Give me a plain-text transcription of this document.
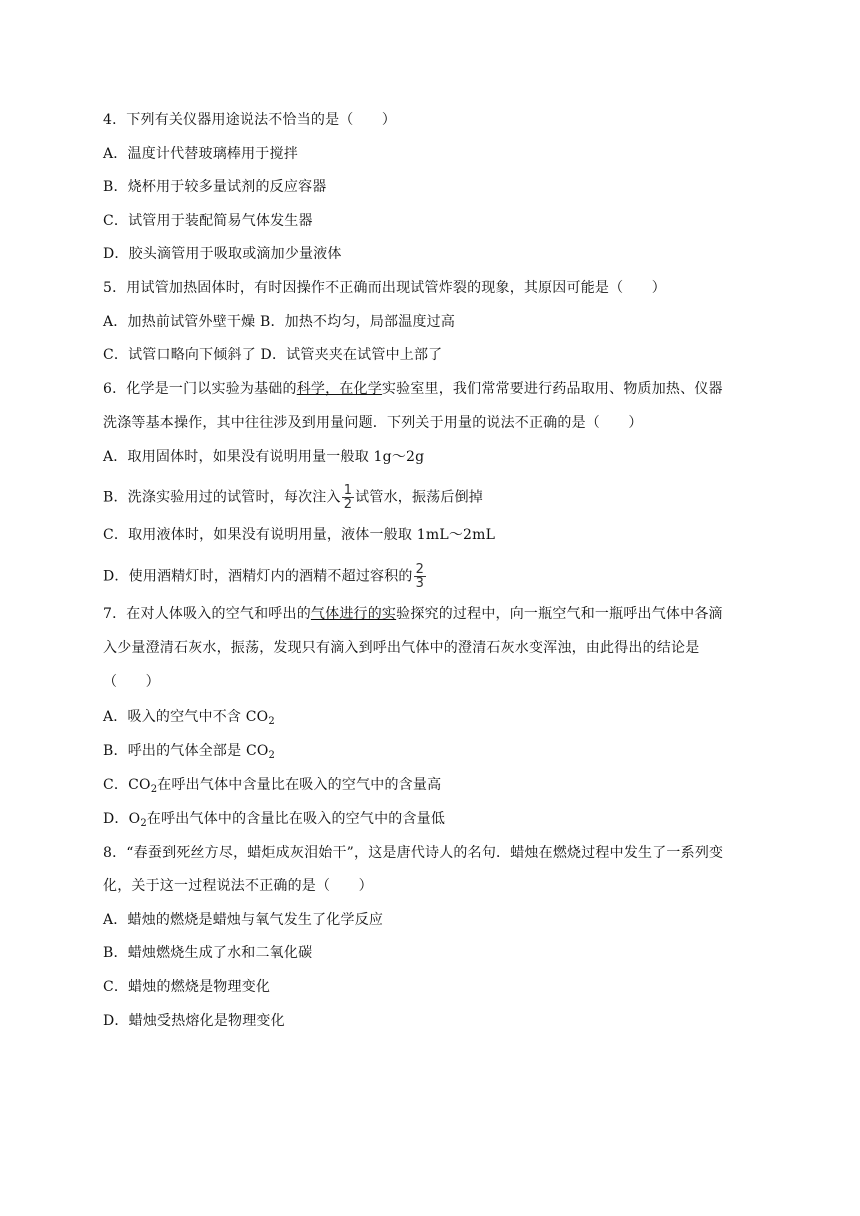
4．下列有关仪器用途说法不恰当的是（　　）
A．温度计代替玻璃棒用于搅拌
B．烧杯用于较多量试剂的反应容器
C．试管用于装配简易气体发生器
D．胶头滴管用于吸取或滴加少量液体
5．用试管加热固体时，有时因操作不正确而出现试管炸裂的现象，其原因可能是（　　）
A．加热前试管外壁干燥 B．加热不均匀，局部温度过高
C．试管口略向下倾斜了 D．试管夹夹在试管中上部了
6．化学是一门以实验为基础的科学，在化学实验室里，我们常常要进行药品取用、物质加热、仪器
洗涤等基本操作，其中往往涉及到用量问题．下列关于用量的说法不正确的是（　　）
A．取用固体时，如果没有说明用量一般取 1g～2g
B．洗涤实验用过的试管时，每次注入 $\frac{1}{2}$ 试管水，振荡后倒掉
C．取用液体时，如果没有说明用量，液体一般取 1mL～2mL
D．使用酒精灯时，酒精灯内的酒精不超过容积的 $\frac{2}{3}$
7．在对人体吸入的空气和呼出的气体进行的实验探究的过程中，向一瓶空气和一瓶呼出气体中各滴
入少量澄清石灰水，振荡，发现只有滴入到呼出气体中的澄清石灰水变浑浊，由此得出的结论是
（　　）
A．吸入的空气中不含 $CO_2$
B．呼出的气体全部是 $CO_2$
C．$CO_2$在呼出气体中含量比在吸入的空气中的含量高
D．$O_2$在呼出气体中的含量比在吸入的空气中的含量低
8．“春蚕到死丝方尽，蜡炬成灰泪始干”，这是唐代诗人的名句．蜡烛在燃烧过程中发生了一系列变
化，关于这一过程说法不正确的是（　　）
A．蜡烛的燃烧是蜡烛与氧气发生了化学反应
B．蜡烛燃烧生成了水和二氧化碳
C．蜡烛的燃烧是物理变化
D．蜡烛受热熔化是物理变化
